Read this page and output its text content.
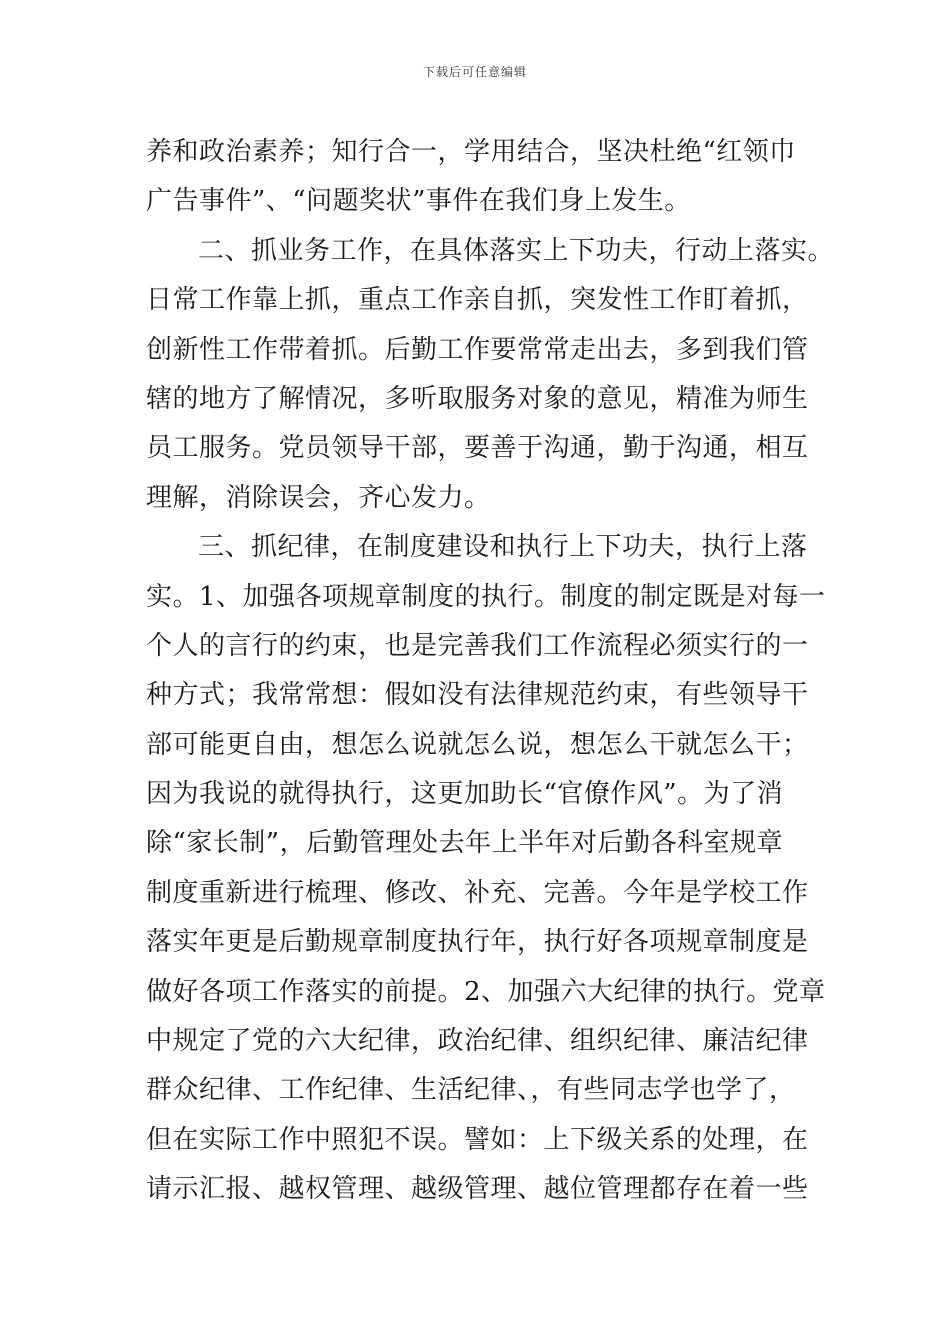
下载后可任意编辑
养和政治素养；知行合一，学用结合，坚决杜绝“红领巾
广告事件”、“问题奖状”事件在我们身上发生。
二、抓业务工作，在具体落实上下功夫，行动上落实。
日常工作靠上抓，重点工作亲自抓，突发性工作盯着抓，
创新性工作带着抓。后勤工作要常常走出去，多到我们管
辖的地方了解情况，多听取服务对象的意见，精准为师生
员工服务。党员领导干部，要善于沟通，勤于沟通，相互
理解，消除误会，齐心发力。
三、抓纪律，在制度建设和执行上下功夫，执行上落
实。1、加强各项规章制度的执行。制度的制定既是对每一
个人的言行的约束，也是完善我们工作流程必须实行的一
种方式；我常常想：假如没有法律规范约束，有些领导干
部可能更自由，想怎么说就怎么说，想怎么干就怎么干；
因为我说的就得执行，这更加助长“官僚作风”。为了消
除“家长制”，后勤管理处去年上半年对后勤各科室规章
制度重新进行梳理、修改、补充、完善。今年是学校工作
落实年更是后勤规章制度执行年，执行好各项规章制度是
做好各项工作落实的前提。2、加强六大纪律的执行。党章
中规定了党的六大纪律，政治纪律、组织纪律、廉洁纪律
群众纪律、工作纪律、生活纪律、，有些同志学也学了，
但在实际工作中照犯不误。譬如：上下级关系的处理，在
请示汇报、越权管理、越级管理、越位管理都存在着一些
